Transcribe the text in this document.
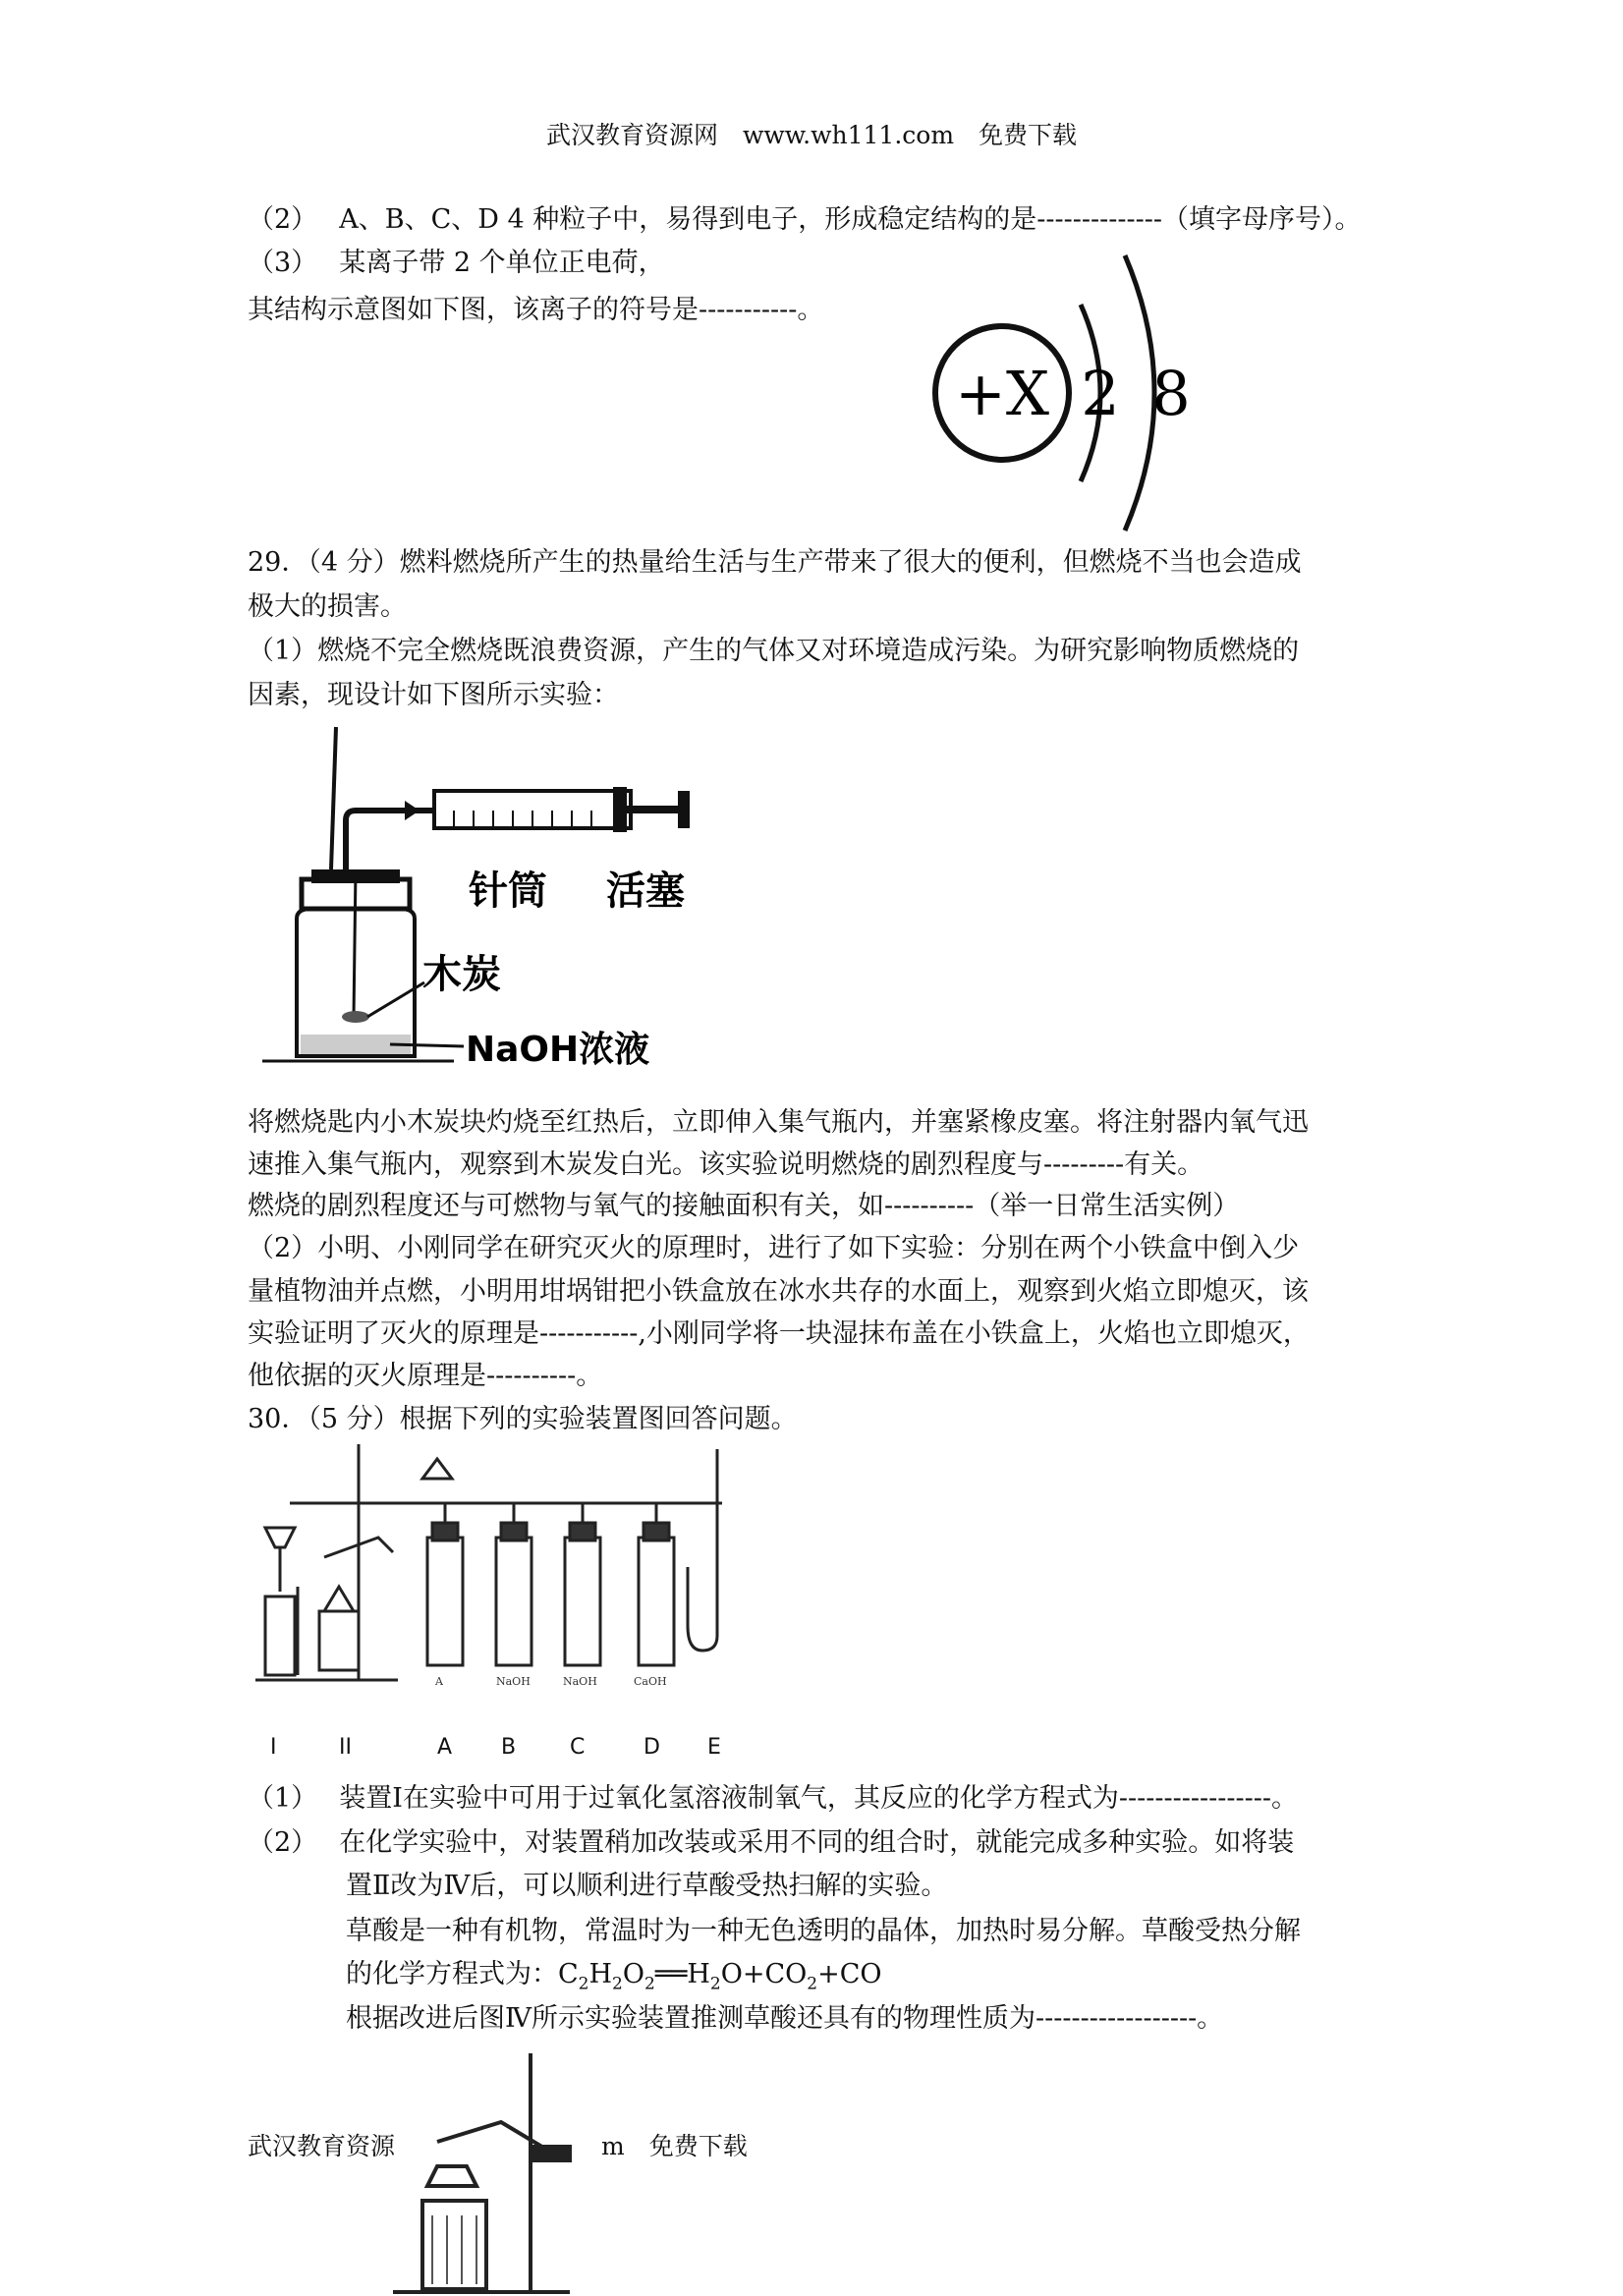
武汉教育资源网　www.wh111.com　免费下载
（2）　 A、B、C、D 4 种粒子中，易得到电子，形成稳定结构的是--------------（填字母序号）。
（3）　 某离子带 2 个单位正电荷，
其结构示意图如下图，该离子的符号是-----------。
+X 2 8
29．（4 分）燃料燃烧所产生的热量给生活与生产带来了很大的便利，但燃烧不当也会造成
极大的损害。
（1）燃烧不完全燃烧既浪费资源，产生的气体又对环境造成污染。为研究影响物质燃烧的
因素，现设计如下图所示实验：
针筒 活塞
木炭
NaOH浓液
将燃烧匙内小木炭块灼烧至红热后，立即伸入集气瓶内，并塞紧橡皮塞。将注射器内氧气迅
速推入集气瓶内，观察到木炭发白光。该实验说明燃烧的剧烈程度与---------有关。
燃烧的剧烈程度还与可燃物与氧气的接触面积有关，如----------（举一日常生活实例）
（2）小明、小刚同学在研究灭火的原理时，进行了如下实验：分别在两个小铁盒中倒入少
量植物油并点燃，小明用坩埚钳把小铁盒放在冰水共存的水面上，观察到火焰立即熄灭，该
实验证明了灭火的原理是-----------,小刚同学将一块湿抹布盖在小铁盒上，火焰也立即熄灭，
他依据的灭火原理是----------。
30．（5 分）根据下列的实验装置图回答问题。
A	NaOH	NaOH	CaOH
I	II	A B C	D E
（1）　 装置Ⅰ在实验中可用于过氧化氢溶液制氧气，其反应的化学方程式为-----------------。
（2）　 在化学实验中，对装置稍加改装或采用不同的组合时，就能完成多种实验。如将装
置Ⅱ改为Ⅳ后，可以顺利进行草酸受热扫解的实验。
草酸是一种有机物，常温时为一种无色透明的晶体，加热时易分解。草酸受热分解
的化学方程式为：$C_2H_2O_2══H_2O+CO_2+CO$
根据改进后图Ⅳ所示实验装置推测草酸还具有的物理性质为------------------。
武汉教育资源	m　免费下载
